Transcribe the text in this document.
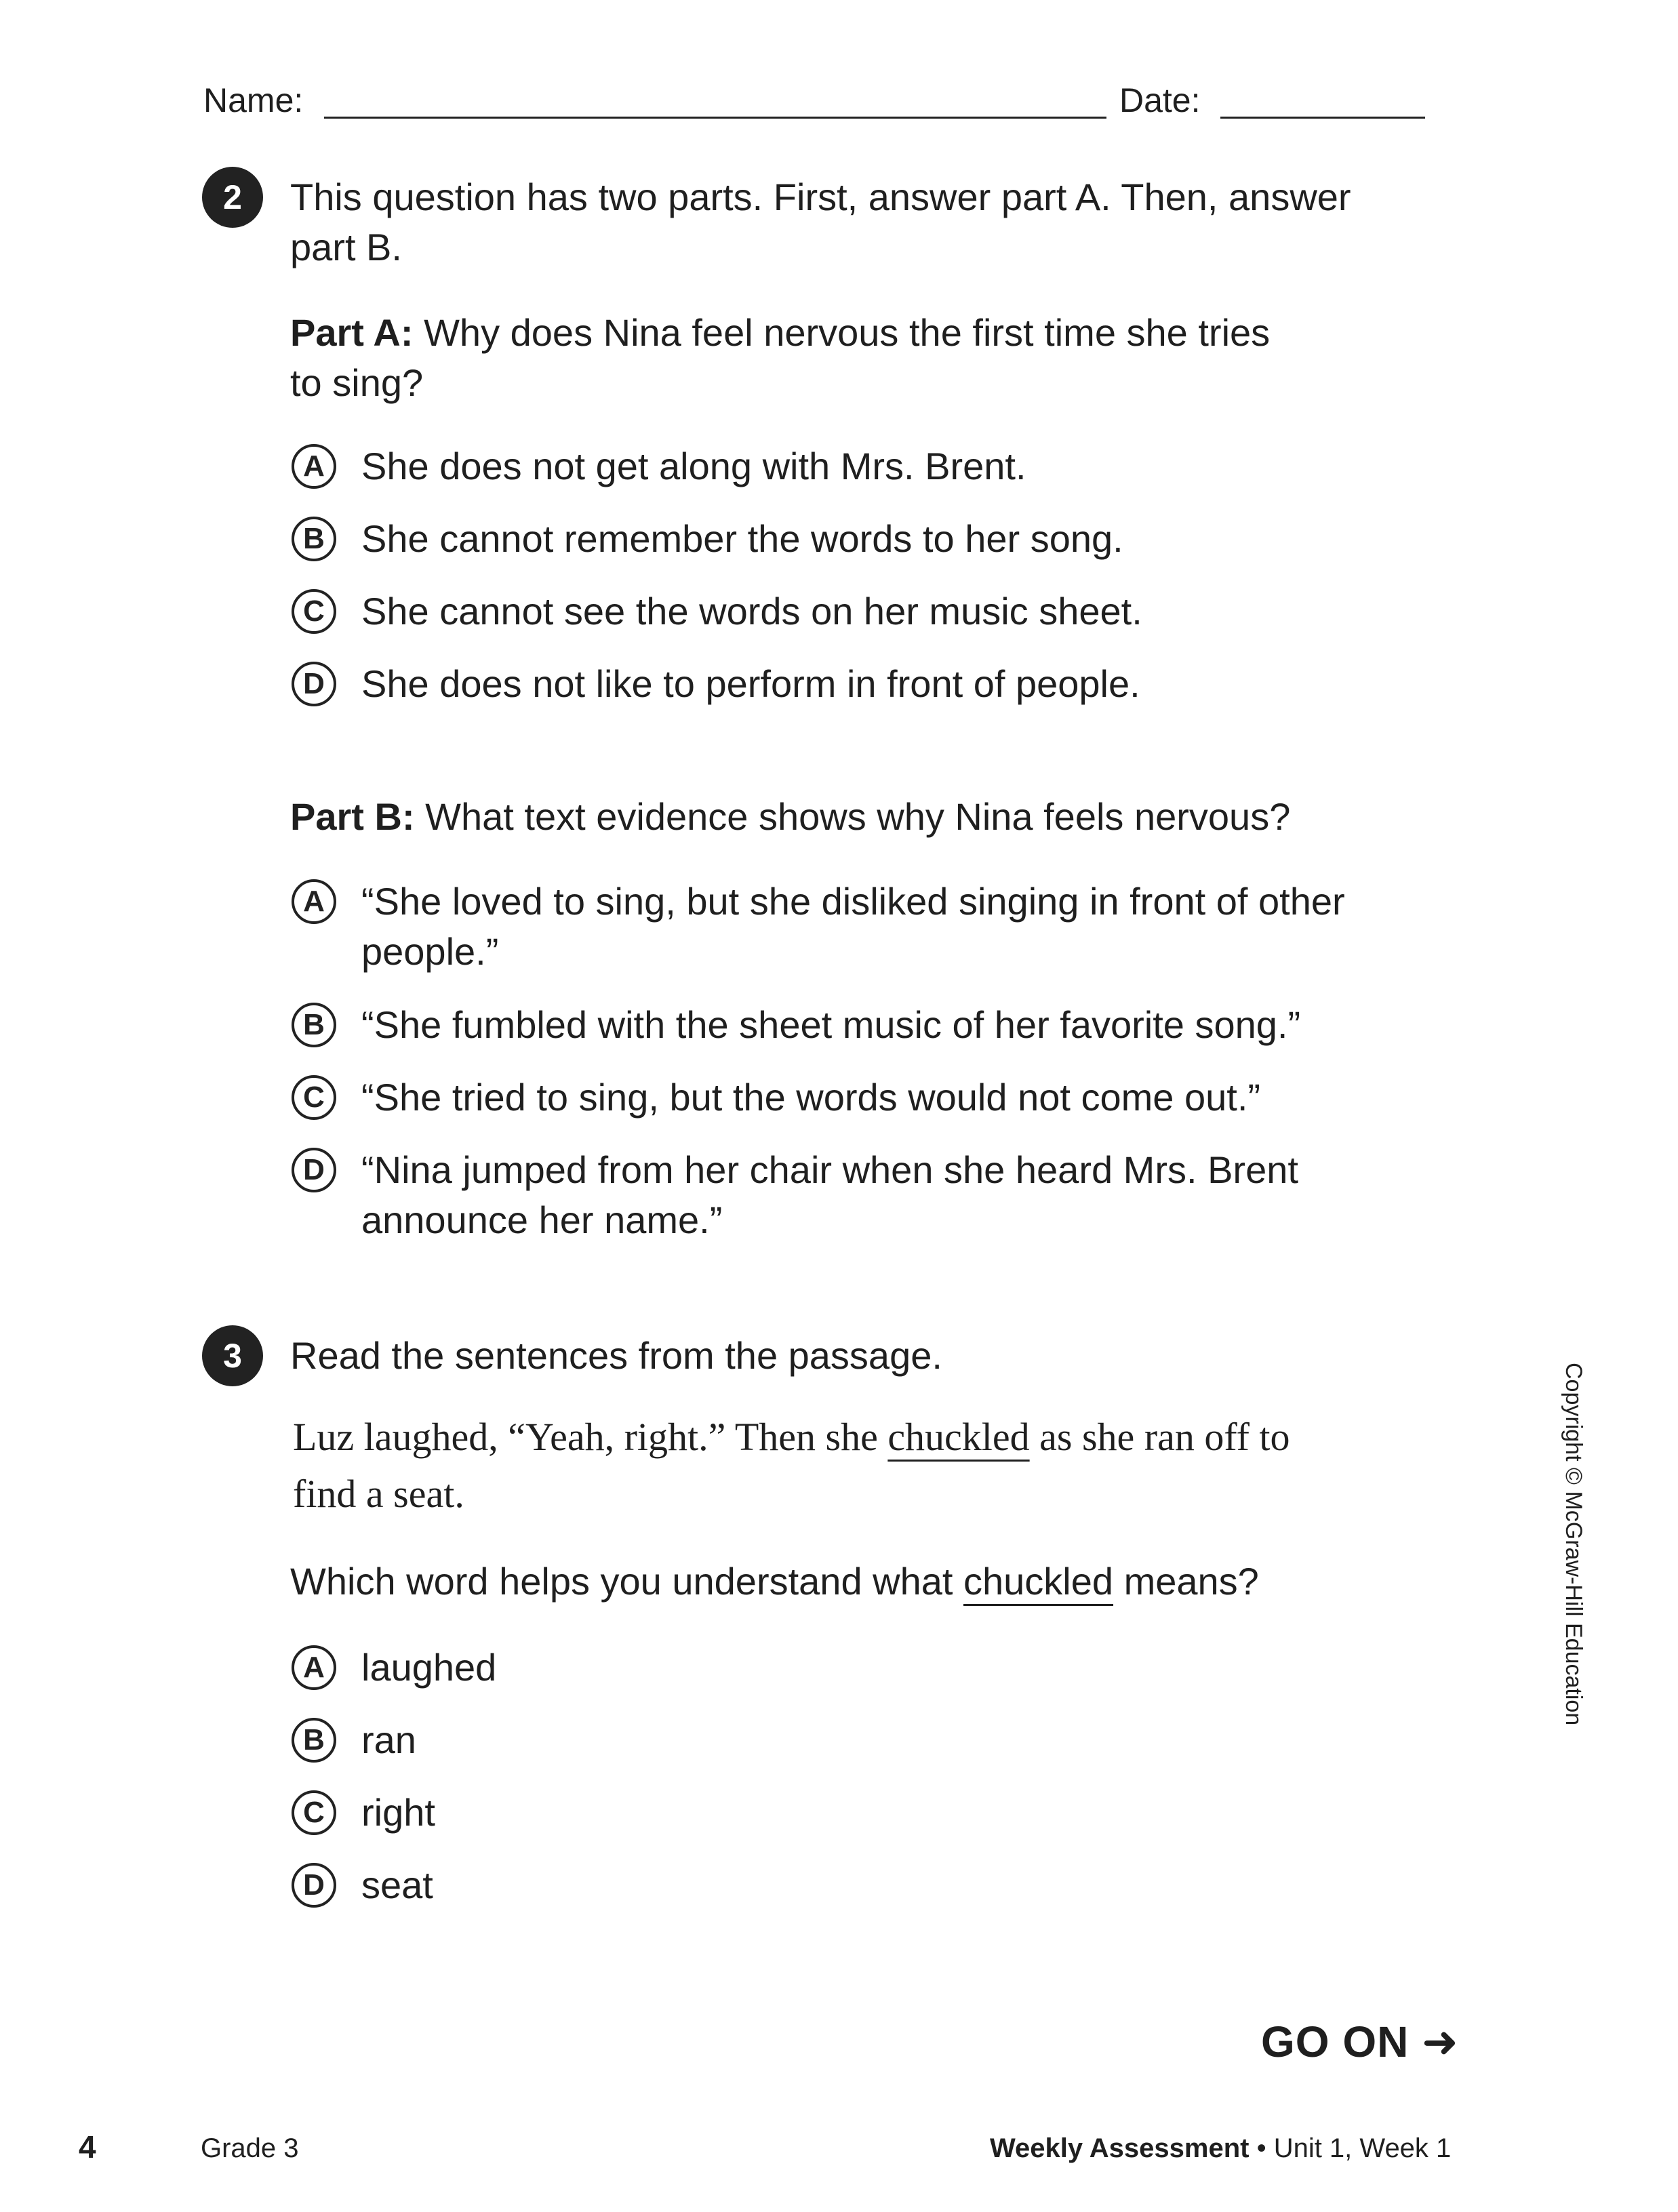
Name:	Date:
2	This question has two parts. First, answer part A. Then, answer
part B.
Part A: Why does Nina feel nervous the first time she tries
to sing?
A She does not get along with Mrs. Brent.
B She cannot remember the words to her song.
C She cannot see the words on her music sheet.
D She does not like to perform in front of people.
Part B: What text evidence shows why Nina feels nervous?
A “She loved to sing, but she disliked singing in front of other
people.”
B “She fumbled with the sheet music of her favorite song.”
C “She tried to sing, but the words would not come out.”
D “Nina jumped from her chair when she heard Mrs. Brent
announce her name.”
3	Read the sentences from the passage.
Luz laughed, “Yeah, right.” Then she chuckled as she ran off to
find a seat.
Which word helps you understand what chuckled means?
A laughed
B ran
C right
D seat
Copyright © McGraw-Hill Education
GO ON ➜
4	Grade 3	Weekly Assessment • Unit 1, Week 1
